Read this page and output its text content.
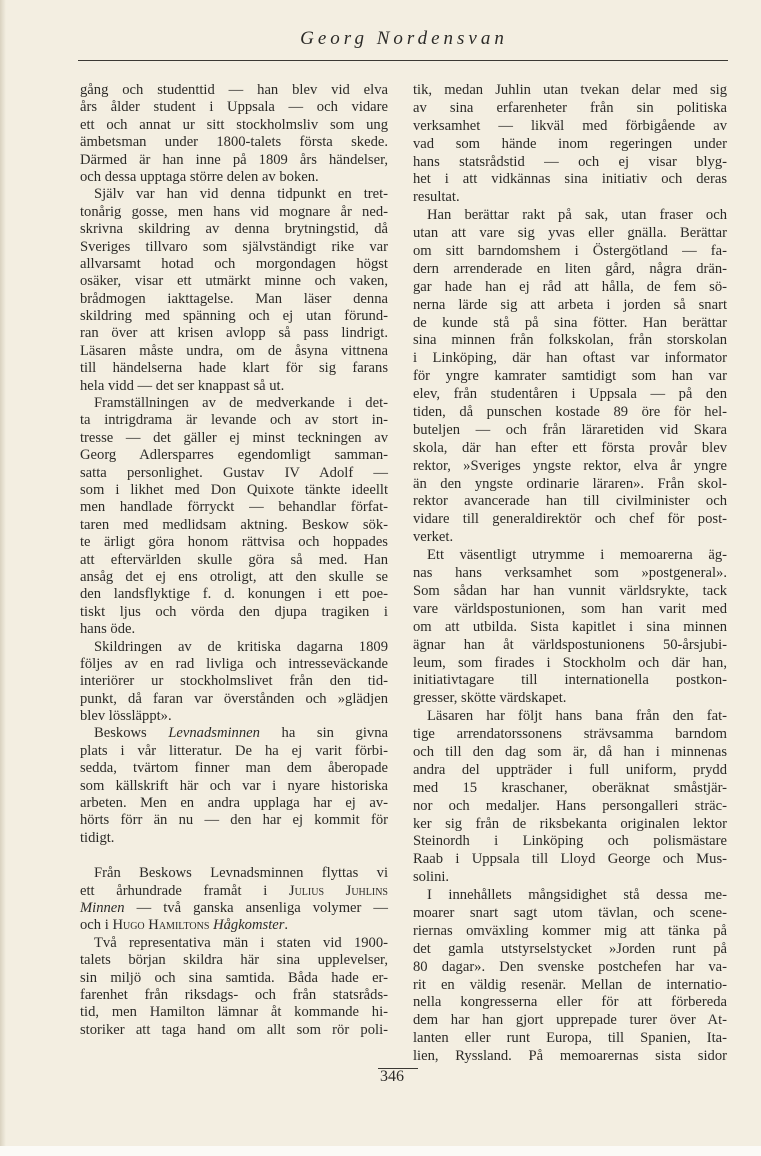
Georg Nordensvan
gång och studenttid — han blev vid elva
års ålder student i Uppsala — och vidare
ett och annat ur sitt stockholmsliv som ung
ämbetsman under 1800-talets första skede.
Därmed är han inne på 1809 års händelser,
och dessa upptaga större delen av boken.
Själv var han vid denna tidpunkt en tret-
tonårig gosse, men hans vid mognare år ned-
skrivna skildring av denna brytningstid, då
Sveriges tillvaro som självständigt rike var
allvarsamt hotad och morgondagen högst
osäker, visar ett utmärkt minne och vaken,
brådmogen iakttagelse. Man läser denna
skildring med spänning och ej utan förund-
ran över att krisen avlopp så pass lindrigt.
Läsaren måste undra, om de åsyna vittnena
till händelserna hade klart för sig farans
hela vidd — det ser knappast så ut.
Framställningen av de medverkande i det-
ta intrigdrama är levande och av stort in-
tresse — det gäller ej minst teckningen av
Georg Adlersparres egendomligt samman-
satta personlighet. Gustav IV Adolf —
som i likhet med Don Quixote tänkte ideellt
men handlade förryckt — behandlar förfat-
taren med medlidsam aktning. Beskow sök-
te ärligt göra honom rättvisa och hoppades
att eftervärlden skulle göra så med. Han
ansåg det ej ens otroligt, att den skulle se
den landsflyktige f. d. konungen i ett poe-
tiskt ljus och vörda den djupa tragiken i
hans öde.
Skildringen av de kritiska dagarna 1809
följes av en rad livliga och intresseväckande
interiörer ur stockholmslivet från den tid-
punkt, då faran var överstånden och »glädjen
blev lössläppt».
Beskows Levnadsminnen ha sin givna
plats i vår litteratur. De ha ej varit förbi-
sedda, tvärtom finner man dem åberopade
som källskrift här och var i nyare historiska
arbeten. Men en andra upplaga har ej av-
hörts förr än nu — den har ej kommit för
tidigt.
Från Beskows Levnadsminnen flyttas vi
ett århundrade framåt i Julius Juhlins
Minnen — två ganska ansenliga volymer —
och i Hugo Hamiltons Hågkomster.
Två representativa män i staten vid 1900-
talets början skildra här sina upplevelser,
sin miljö och sina samtida. Båda hade er-
farenhet från riksdags- och från statsråds-
tid, men Hamilton lämnar åt kommande hi-
storiker att taga hand om allt som rör poli-
tik, medan Juhlin utan tvekan delar med sig
av sina erfarenheter från sin politiska
verksamhet — likväl med förbigående av
vad som hände inom regeringen under
hans statsrådstid — och ej visar blyg-
het i att vidkännas sina initiativ och deras
resultat.
Han berättar rakt på sak, utan fraser och
utan att vare sig yvas eller gnälla. Berättar
om sitt barndomshem i Östergötland — fa-
dern arrenderade en liten gård, några drän-
gar hade han ej råd att hålla, de fem sö-
nerna lärde sig att arbeta i jorden så snart
de kunde stå på sina fötter. Han berättar
sina minnen från folkskolan, från storskolan
i Linköping, där han oftast var informator
för yngre kamrater samtidigt som han var
elev, från studentåren i Uppsala — på den
tiden, då punschen kostade 89 öre för hel-
buteljen — och från läraretiden vid Skara
skola, där han efter ett första provår blev
rektor, »Sveriges yngste rektor, elva år yngre
än den yngste ordinarie läraren». Från skol-
rektor avancerade han till civilminister och
vidare till generaldirektör och chef för post-
verket.
Ett väsentligt utrymme i memoarerna äg-
nas hans verksamhet som »postgeneral».
Som sådan har han vunnit världsrykte, tack
vare världspostunionen, som han varit med
om att utbilda. Sista kapitlet i sina minnen
ägnar han åt världspostunionens 50-årsjubi-
leum, som firades i Stockholm och där han,
initiativtagare till internationella postkon-
gresser, skötte värdskapet.
Läsaren har följt hans bana från den fat-
tige arrendatorssonens strävsamma barndom
och till den dag som är, då han i minnenas
andra del uppträder i full uniform, prydd
med 15 kraschaner, oberäknat småstjär-
nor och medaljer. Hans persongalleri sträc-
ker sig från de riksbekanta originalen lektor
Steinordh i Linköping och polismästare
Raab i Uppsala till Lloyd George och Mus-
solini.
I innehållets mångsidighet stå dessa me-
moarer snart sagt utom tävlan, och scene-
riernas omväxling kommer mig att tänka på
det gamla utstyrselstycket »Jorden runt på
80 dagar». Den svenske postchefen har va-
rit en väldig resenär. Mellan de internatio-
nella kongresserna eller för att förbereda
dem har han gjort upprepade turer över At-
lanten eller runt Europa, till Spanien, Ita-
lien, Ryssland. På memoarernas sista sidor
346
